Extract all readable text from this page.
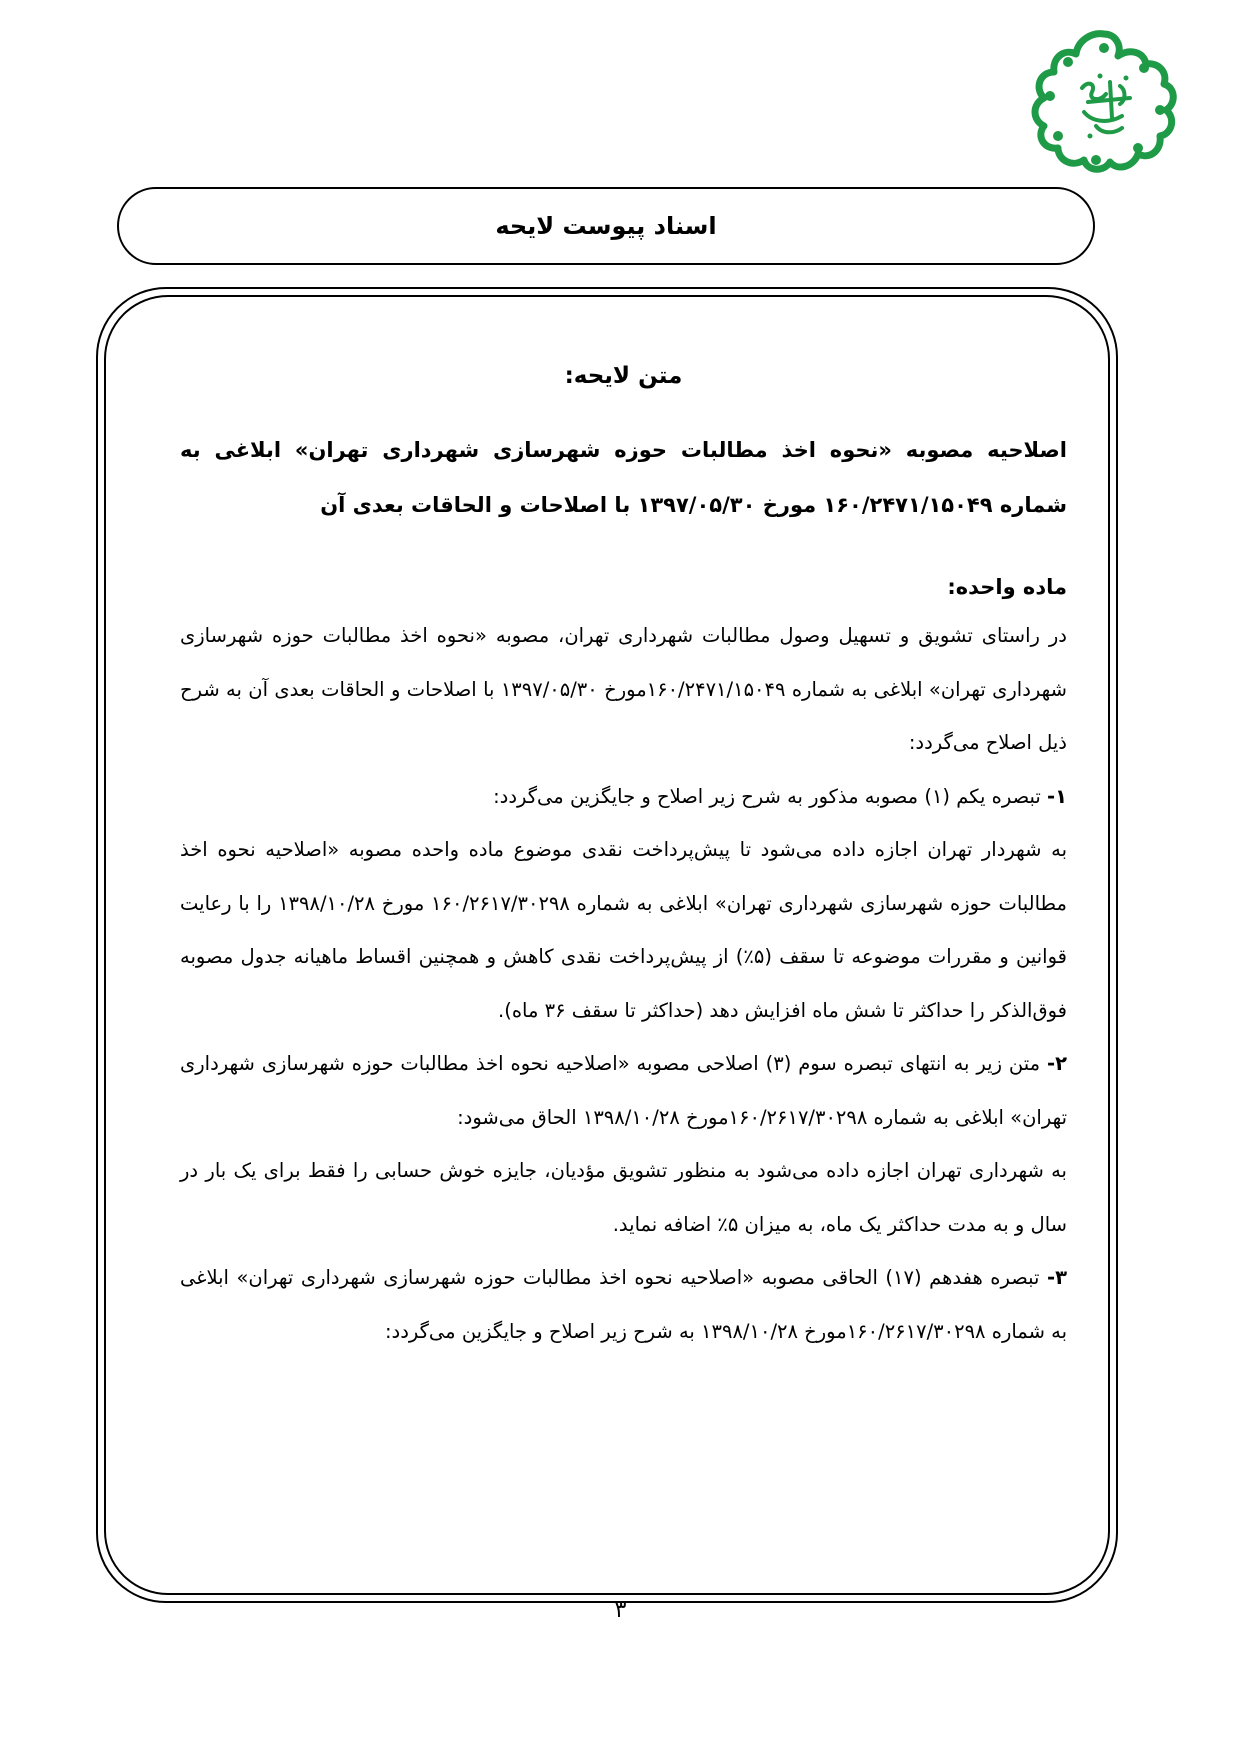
اسناد پیوست لایحه
متن لایحه:

اصلاحیه مصوبه «نحوه اخذ مطالبات حوزه شهرسازی شهرداری تهران» ابلاغی به شماره ۱۶۰/۲۴۷۱/۱۵۰۴۹ مورخ ۱۳۹۷/۰۵/۳۰ با اصلاحات و الحاقات بعدی آن

ماده واحده:

در راستای تشویق و تسهیل وصول مطالبات شهرداری تهران، مصوبه «نحوه اخذ مطالبات حوزه شهرسازی شهرداری تهران» ابلاغی به شماره ۱۶۰/۲۴۷۱/۱۵۰۴۹مورخ ۱۳۹۷/۰۵/۳۰ با اصلاحات و الحاقات بعدی آن به شرح ذیل اصلاح می‌گردد:

۱- تبصره یکم (۱) مصوبه مذکور به شرح زیر اصلاح و جایگزین می‌گردد:

به شهردار تهران اجازه داده می‌شود تا پیش‌پرداخت نقدی موضوع ماده واحده مصوبه «اصلاحیه نحوه اخذ مطالبات حوزه شهرسازی شهرداری تهران» ابلاغی به شماره ۱۶۰/۲۶۱۷/۳۰۲۹۸ مورخ ۱۳۹۸/۱۰/۲۸ را با رعایت قوانین و مقررات موضوعه تا سقف (۵٪) از پیش‌پرداخت نقدی کاهش و همچنین اقساط ماهیانه جدول مصوبه فوق‌الذکر را حداکثر تا شش ماه افزایش دهد (حداکثر تا سقف ۳۶ ماه).

۲- متن زیر به انتهای تبصره سوم (۳) اصلاحی مصوبه «اصلاحیه نحوه اخذ مطالبات حوزه شهرسازی شهرداری تهران» ابلاغی به شماره ۱۶۰/۲۶۱۷/۳۰۲۹۸مورخ ۱۳۹۸/۱۰/۲۸ الحاق می‌شود:

به شهرداری تهران اجازه داده می‌شود به منظور تشویق مؤدیان، جایزه خوش حسابی را فقط برای یک بار در سال و به مدت حداکثر یک ماه، به میزان ۵٪ اضافه نماید.

۳- تبصره هفدهم (۱۷) الحاقی مصوبه «اصلاحیه نحوه اخذ مطالبات حوزه شهرسازی شهرداری تهران» ابلاغی به شماره ۱۶۰/۲۶۱۷/۳۰۲۹۸مورخ ۱۳۹۸/۱۰/۲۸ به شرح زیر اصلاح و جایگزین می‌گردد:

۳
